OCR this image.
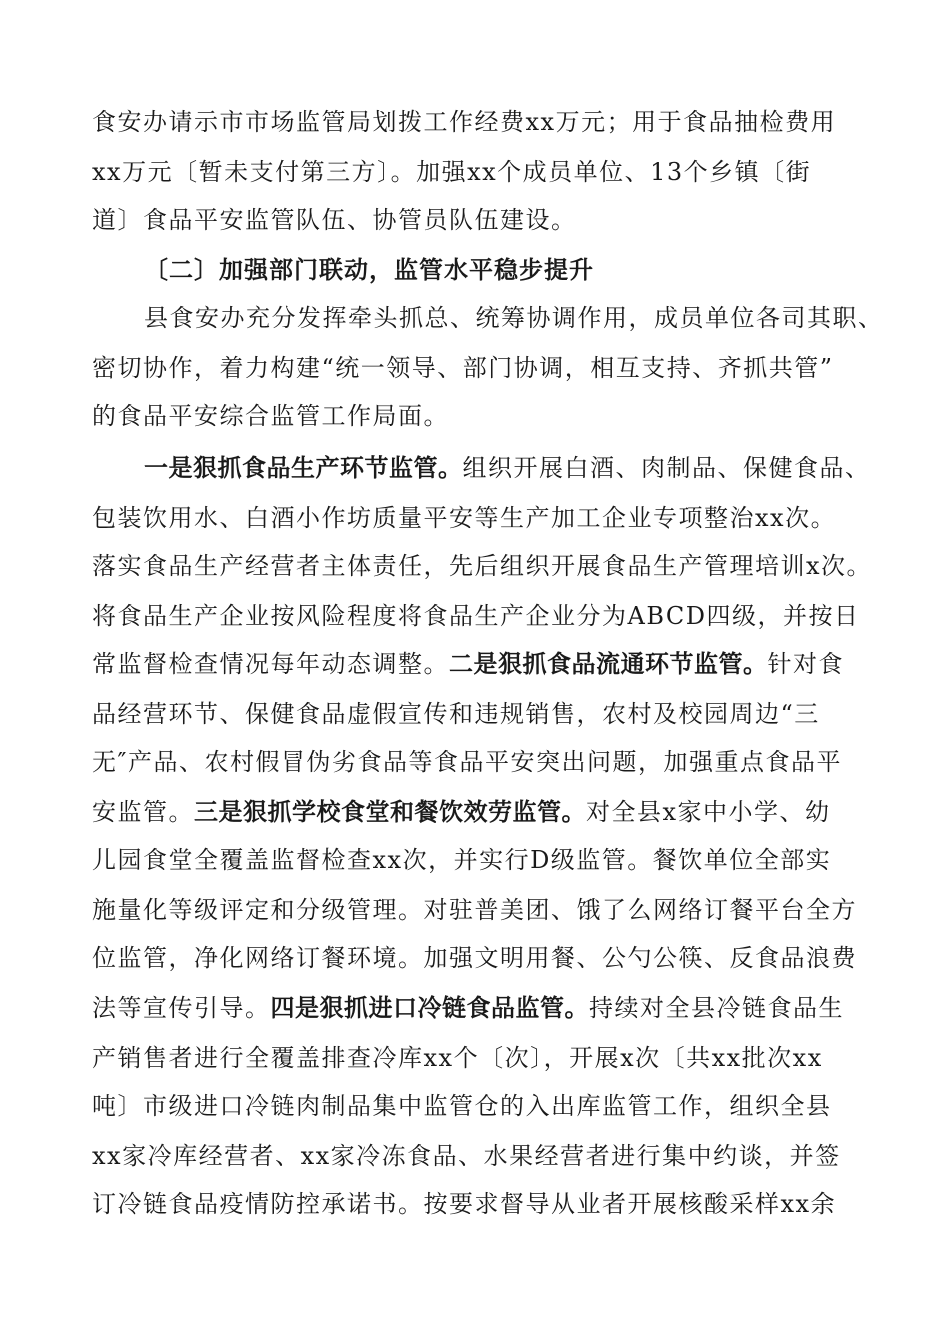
食安办请示市市场监管局划拨工作经费xx万元；用于食品抽检费用
xx万元〔暂未支付第三方〕。加强xx个成员单位、13个乡镇〔街
道〕食品平安监管队伍、协管员队伍建设。
〔二〕加强部门联动，监管水平稳步提升
县食安办充分发挥牵头抓总、统筹协调作用，成员单位各司其职、
密切协作，着力构建“统一领导、部门协调，相互支持、齐抓共管”
的食品平安综合监管工作局面。
一是狠抓食品生产环节监管。组织开展白酒、肉制品、保健食品、
包装饮用水、白酒小作坊质量平安等生产加工企业专项整治xx次。
落实食品生产经营者主体责任，先后组织开展食品生产管理培训x次。
将食品生产企业按风险程度将食品生产企业分为ABCD四级，并按日
常监督检查情况每年动态调整。二是狠抓食品流通环节监管。针对食
品经营环节、保健食品虚假宣传和违规销售，农村及校园周边“三
无″产品、农村假冒伪劣食品等食品平安突出问题，加强重点食品平
安监管。三是狠抓学校食堂和餐饮效劳监管。对全县x家中小学、幼
儿园食堂全覆盖监督检查xx次，并实行D级监管。餐饮单位全部实
施量化等级评定和分级管理。对驻普美团、饿了么网络订餐平台全方
位监管，净化网络订餐环境。加强文明用餐、公勺公筷、反食品浪费
法等宣传引导。四是狠抓进口冷链食品监管。持续对全县冷链食品生
产销售者进行全覆盖排查冷库xx个〔次〕，开展x次〔共xx批次xx
吨〕市级进口冷链肉制品集中监管仓的入出库监管工作，组织全县
xx家冷库经营者、xx家冷冻食品、水果经营者进行集中约谈，并签
订冷链食品疫情防控承诺书。按要求督导从业者开展核酸采样xx余
